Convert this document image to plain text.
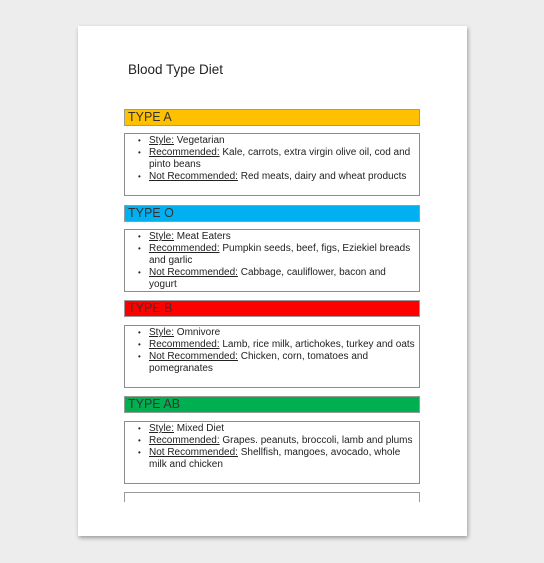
Blood Type Diet
TYPE A
• Style: Vegetarian
• Recommended: Kale, carrots, extra virgin olive oil, cod and pinto beans
• Not Recommended: Red meats, dairy and wheat products
TYPE O
• Style: Meat Eaters
• Recommended: Pumpkin seeds, beef, figs, Eziekiel breads and garlic
• Not Recommended: Cabbage, cauliflower, bacon and yogurt
TYPE B
• Style: Omnivore
• Recommended: Lamb, rice milk, artichokes, turkey and oats
• Not Recommended: Chicken, corn, tomatoes and pomegranates
TYPE AB
• Style: Mixed Diet
• Recommended: Grapes. peanuts, broccoli, lamb and plums
• Not Recommended: Shellfish, mangoes, avocado, whole milk and chicken
